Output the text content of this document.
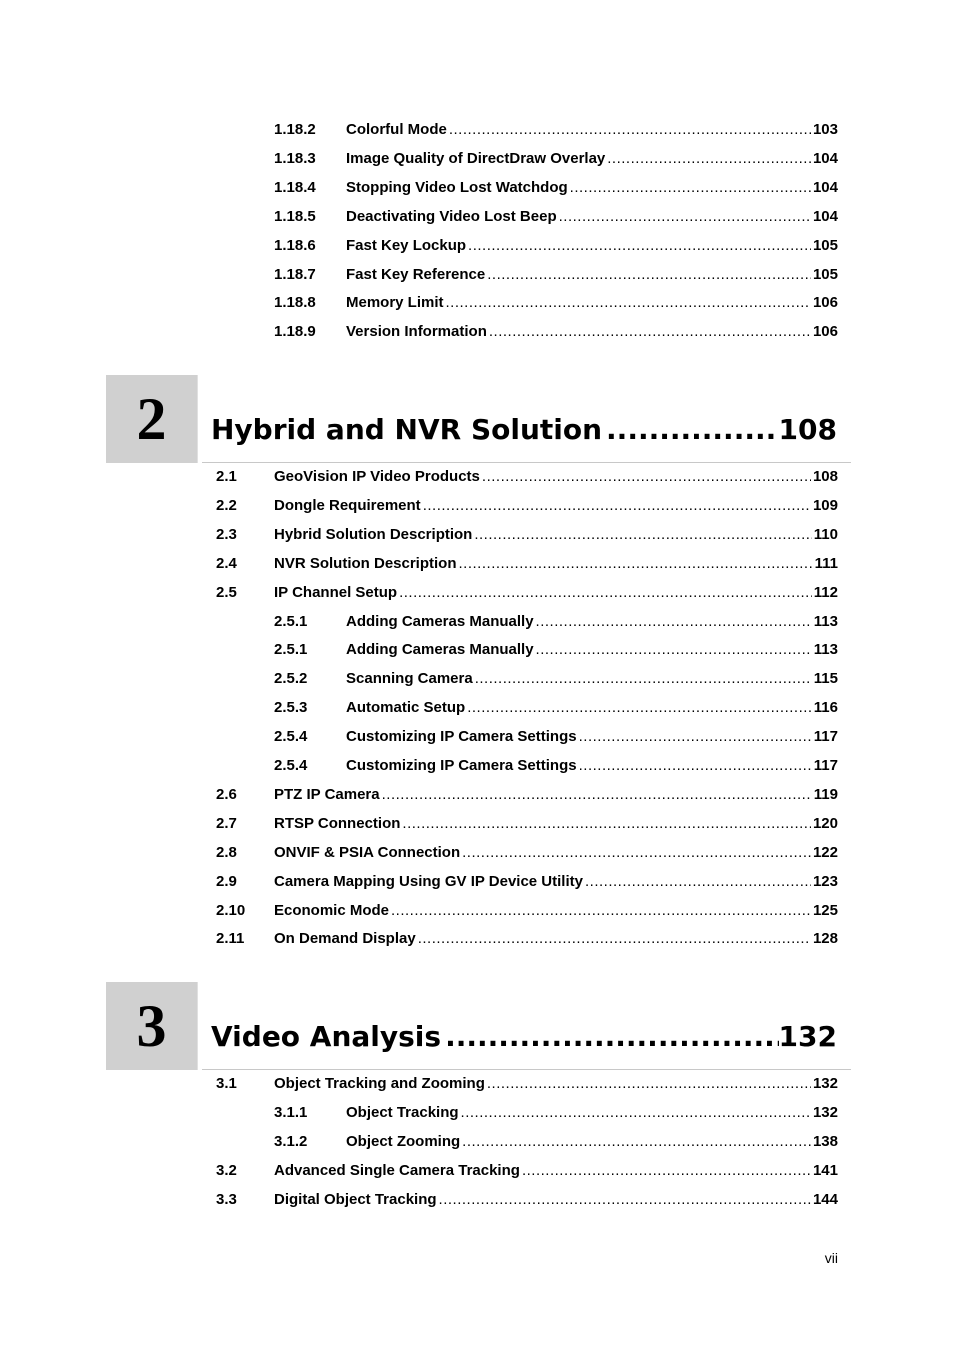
1.18.2 Colorful Mode .....	103
1.18.3 Image Quality of DirectDraw Overlay .....	104
1.18.4 Stopping Video Lost Watchdog .....	104
1.18.5 Deactivating Video Lost Beep .....	104
1.18.6 Fast Key Lockup .....	105
1.18.7 Fast Key Reference .....	105
1.18.8 Memory Limit .....	106
1.18.9 Version Information .....	106
2	Hybrid and NVR Solution .....	108
2.1 GeoVision IP Video Products .....	108
2.2 Dongle Requirement .....	109
2.3 Hybrid Solution Description .....	110
2.4 NVR Solution Description .....	111
2.5 IP Channel Setup .....	112
2.5.1	Adding Cameras Manually .....	113
2.5.1	Adding Cameras Manually .....	113
2.5.2	Scanning Camera .....	115
2.5.3	Automatic Setup .....	116
2.5.4	Customizing IP Camera Settings .....	117
2.5.4	Customizing IP Camera Settings .....	117
2.6 PTZ IP Camera .....	119
2.7 RTSP Connection .....	120
2.8 ONVIF & PSIA Connection .....	122
2.9 Camera Mapping Using GV IP Device Utility .....	123
2.10 Economic Mode .....	125
2.11 On Demand Display .....	128
3	Video Analysis .....	132
3.1 Object Tracking and Zooming .....	132
3.1.1	Object Tracking .....	132
3.1.2	Object Zooming .....	138
3.2 Advanced Single Camera Tracking .....	141
3.3 Digital Object Tracking .....	144
vii
